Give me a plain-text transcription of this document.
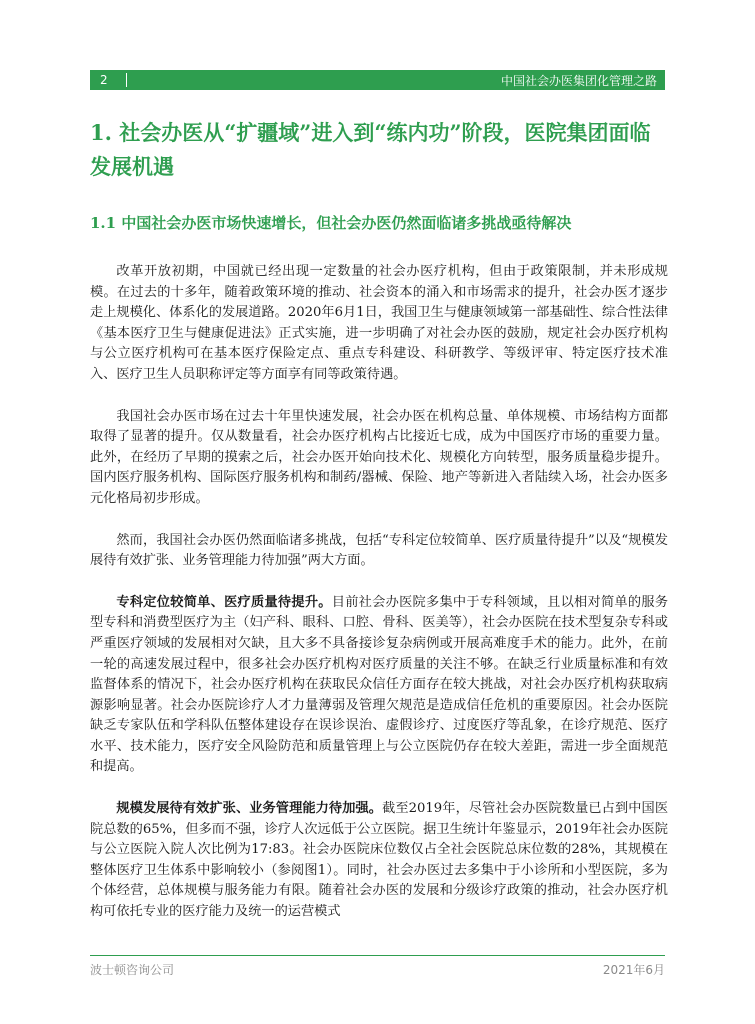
2	中国社会办医集团化管理之路
1. 社会办医从“扩疆域”进入到“练内功”阶段，医院集团面临发展机遇
1.1 中国社会办医市场快速增长，但社会办医仍然面临诸多挑战亟待解决

改革开放初期，中国就已经出现一定数量的社会办医疗机构，但由于政策限制，并未形成规模。在过去的十多年，随着政策环境的推动、社会资本的涌入和市场需求的提升，社会办医才逐步走上规模化、体系化的发展道路。2020年6月1日，我国卫生与健康领域第一部基础性、综合性法律《基本医疗卫生与健康促进法》正式实施，进一步明确了对社会办医的鼓励，规定社会办医疗机构与公立医疗机构可在基本医疗保险定点、重点专科建设、科研教学、等级评审、特定医疗技术准入、医疗卫生人员职称评定等方面享有同等政策待遇。

我国社会办医市场在过去十年里快速发展，社会办医在机构总量、单体规模、市场结构方面都取得了显著的提升。仅从数量看，社会办医疗机构占比接近七成，成为中国医疗市场的重要力量。此外，在经历了早期的摸索之后，社会办医开始向技术化、规模化方向转型，服务质量稳步提升。国内医疗服务机构、国际医疗服务机构和制药/器械、保险、地产等新进入者陆续入场，社会办医多元化格局初步形成。

然而，我国社会办医仍然面临诸多挑战，包括“专科定位较简单、医疗质量待提升”以及“规模发展待有效扩张、业务管理能力待加强”两大方面。

专科定位较简单、医疗质量待提升。目前社会办医院多集中于专科领域，且以相对简单的服务型专科和消费型医疗为主（妇产科、眼科、口腔、骨科、医美等），社会办医院在技术型复杂专科或严重医疗领域的发展相对欠缺，且大多不具备接诊复杂病例或开展高难度手术的能力。此外，在前一轮的高速发展过程中，很多社会办医疗机构对医疗质量的关注不够。在缺乏行业质量标准和有效监督体系的情况下，社会办医疗机构在获取民众信任方面存在较大挑战，对社会办医疗机构获取病源影响显著。社会办医院诊疗人才力量薄弱及管理欠规范是造成信任危机的重要原因。社会办医院缺乏专家队伍和学科队伍整体建设存在误诊误治、虚假诊疗、过度医疗等乱象，在诊疗规范、医疗水平、技术能力，医疗安全风险防范和质量管理上与公立医院仍存在较大差距，需进一步全面规范和提高。

规模发展待有效扩张、业务管理能力待加强。截至2019年，尽管社会办医院数量已占到中国医院总数的65%，但多而不强，诊疗人次远低于公立医院。据卫生统计年鉴显示，2019年社会办医院与公立医院入院人次比例为17:83。社会办医院床位数仅占全社会医院总床位数的28%，其规模在整体医疗卫生体系中影响较小（参阅图1）。同时，社会办医过去多集中于小诊所和小型医院，多为个体经营，总体规模与服务能力有限。随着社会办医的发展和分级诊疗政策的推动，社会办医疗机构可依托专业的医疗能力及统一的运营模式

波士顿咨询公司	2021年6月
